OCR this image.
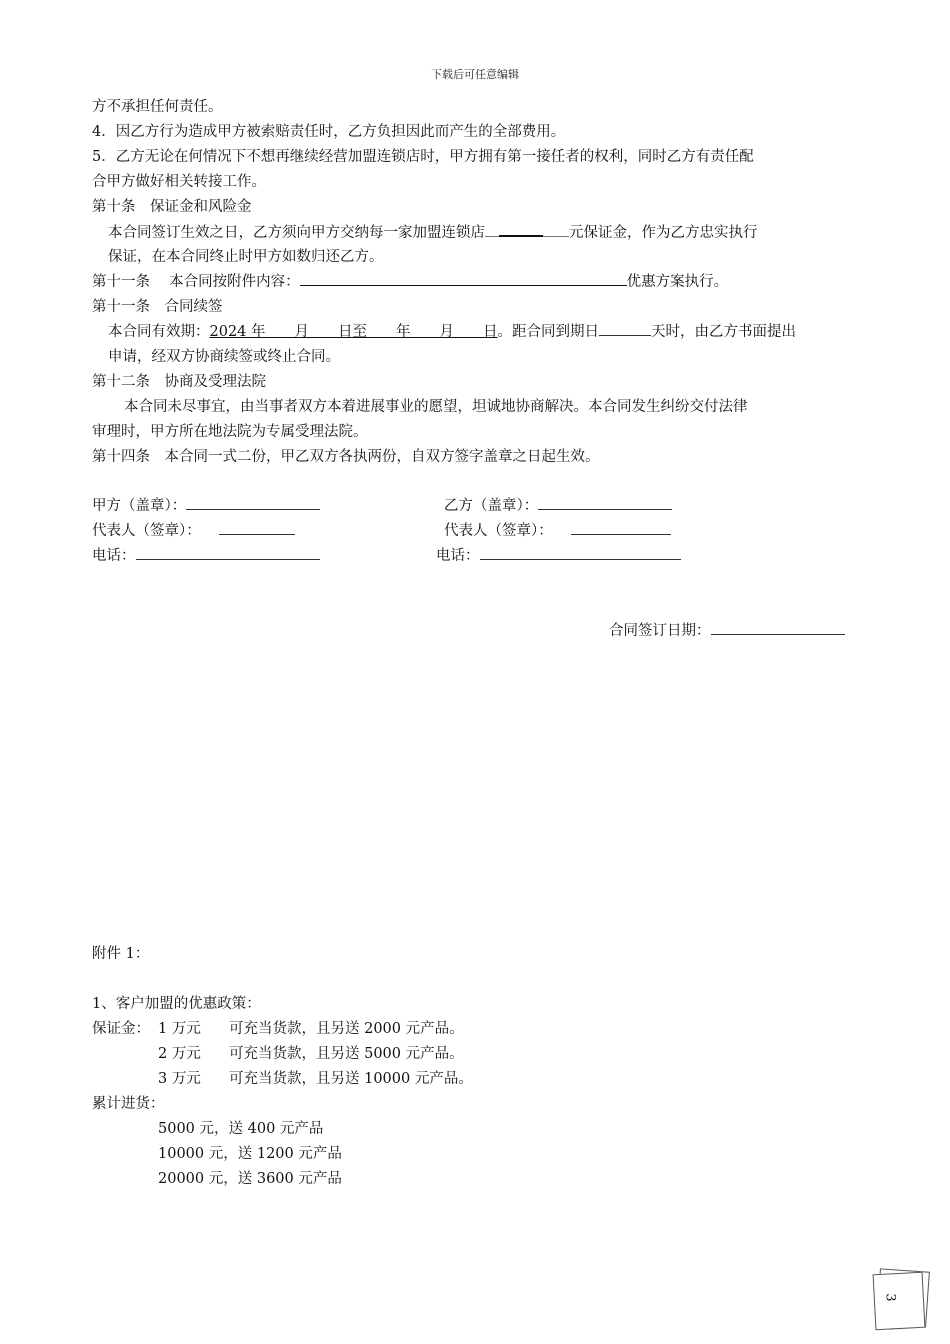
下载后可任意编辑
方不承担任何责任。
4．因乙方行为造成甲方被索赔责任时，乙方负担因此而产生的全部费用。
5．乙方无论在何情况下不想再继续经营加盟连锁店时，甲方拥有第一接任者的权利，同时乙方有责任配
合甲方做好相关转接工作。
第十条　保证金和风险金
本合同签订生效之日，乙方须向甲方交纳每一家加盟连锁店	元保证金，作为乙方忠实执行
保证，在本合同终止时甲方如数归还乙方。
第十一条　 本合同按附件内容：	优惠方案执行。
第十一条　合同续签
本合同有效期：2024 年　　月　　日至　　年　　月　　日。距合同到期日	天时，由乙方书面提出
申请，经双方协商续签或终止合同。
第十二条　协商及受理法院
本合同未尽事宜，由当事者双方本着进展事业的愿望，坦诚地协商解决。本合同发生纠纷交付法律
审理时，甲方所在地法院为专属受理法院。
第十四条　本合同一式二份，甲乙双方各执两份，自双方签字盖章之日起生效。
甲方（盖章）：	乙方（盖章）：
代表人（签章）：	代表人（签章）：
电话：	电话：
合同签订日期：
附件 1：
1、客户加盟的优惠政策：
保证金： 1 万元 可充当货款，且另送 2000 元产品。
2 万元 可充当货款，且另送 5000 元产品。
3 万元 可充当货款，且另送 10000 元产品。
累计进货：
5000 元，送 400 元产品
10000 元，送 1200 元产品
20000 元，送 3600 元产品
3
